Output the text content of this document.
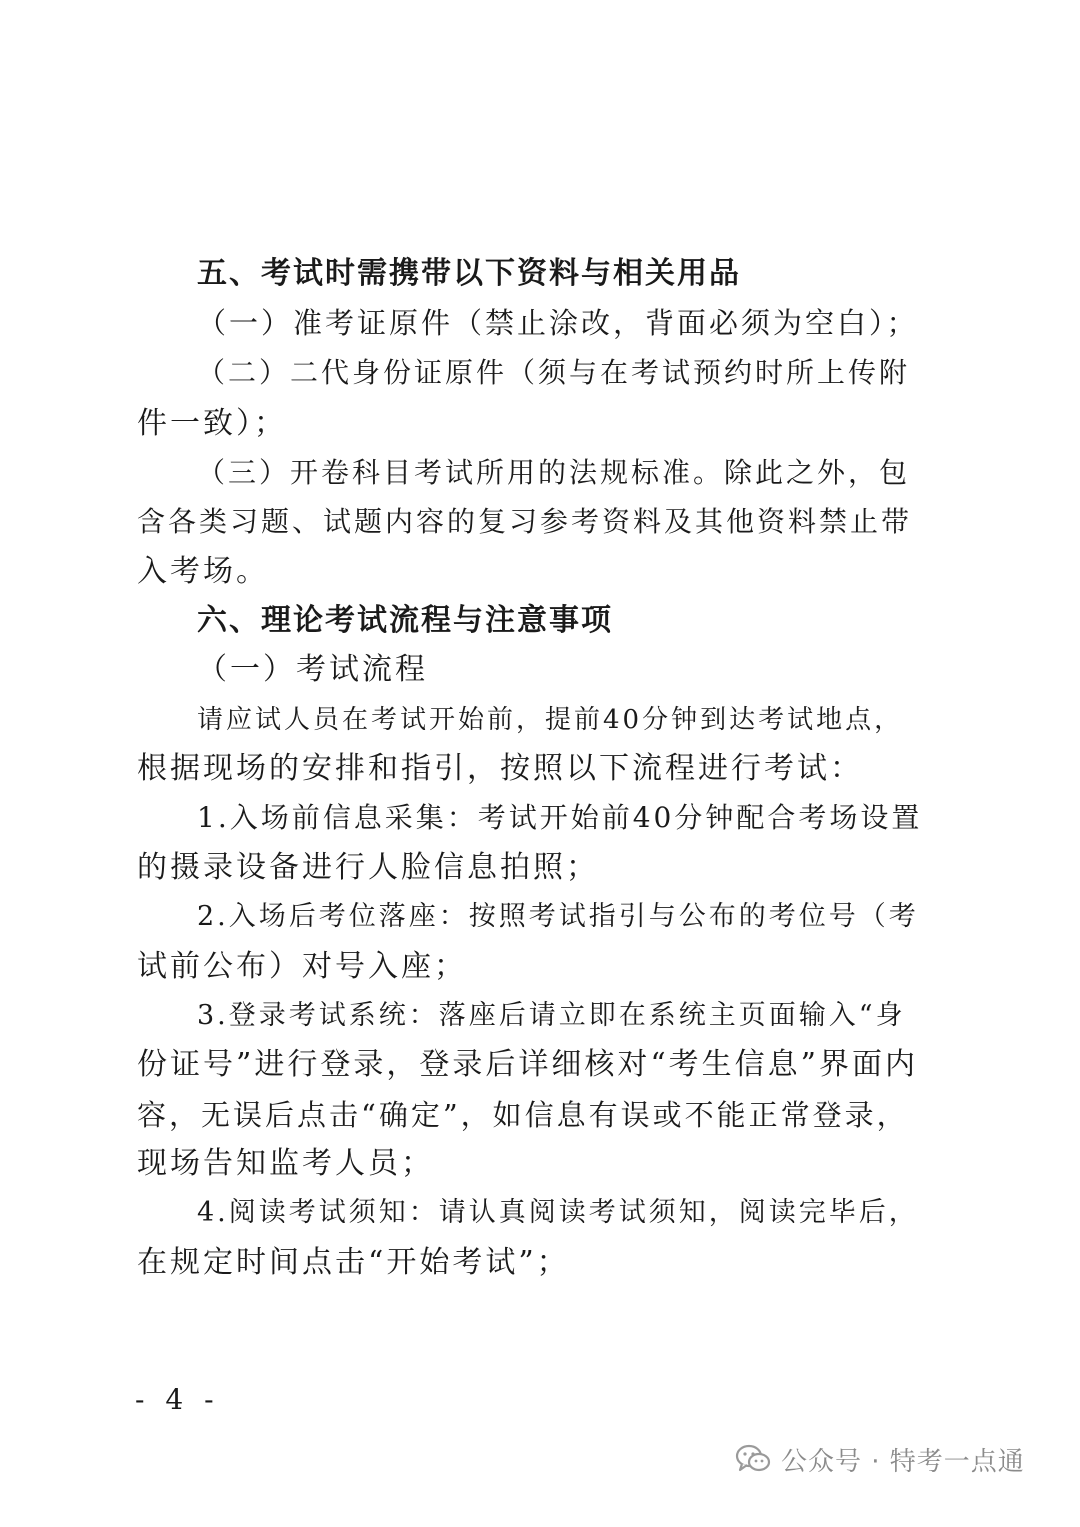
五、考试时需携带以下资料与相关用品
（一）准考证原件（禁止涂改，背面必须为空白）；
（二）二代身份证原件（须与在考试预约时所上传附
件一致）；
（三）开卷科目考试所用的法规标准。除此之外，包
含各类习题、试题内容的复习参考资料及其他资料禁止带
入考场。
六、理论考试流程与注意事项
（一）考试流程
请应试人员在考试开始前，提前40分钟到达考试地点，
根据现场的安排和指引，按照以下流程进行考试：
1.入场前信息采集：考试开始前40分钟配合考场设置
的摄录设备进行人脸信息拍照；
2.入场后考位落座：按照考试指引与公布的考位号（考
试前公布）对号入座；
3.登录考试系统：落座后请立即在系统主页面输入“身
份证号”进行登录，登录后详细核对“考生信息”界面内
容，无误后点击“确定”，如信息有误或不能正常登录，
现场告知监考人员；
4.阅读考试须知：请认真阅读考试须知，阅读完毕后，
在规定时间点击“开始考试”；
- 4 -
公众号 · 特考一点通
